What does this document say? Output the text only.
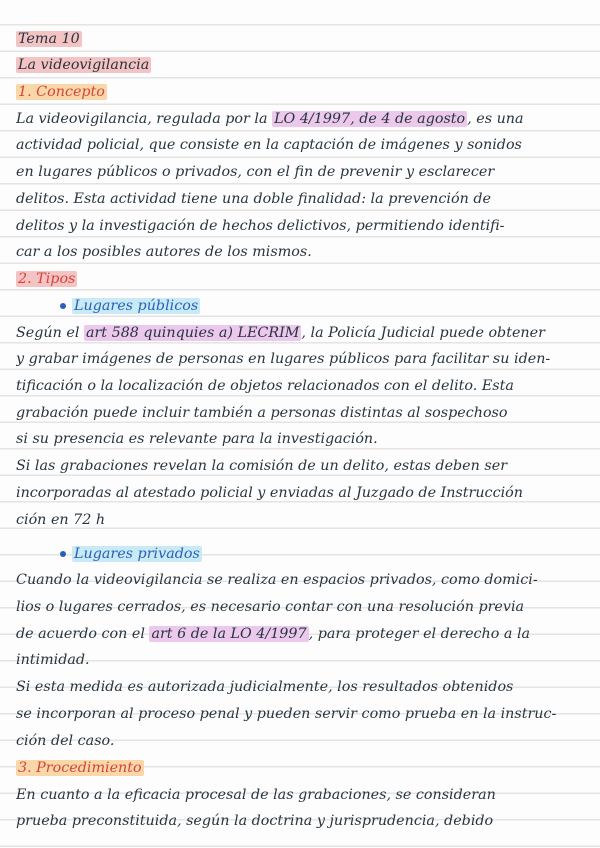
Tema 10
La videovigilancia
1. Concepto
La videovigilancia, regulada por la LO 4/1997, de 4 de agosto , es una
actividad policial, que consiste en la captación de imágenes y sonidos
en lugares públicos o privados, con el fin de prevenir y esclarecer
delitos. Esta actividad tiene una doble finalidad: la prevención de
delitos y la investigación de hechos delictivos, permitiendo identifi-
car a los posibles autores de los mismos.
2. Tipos
Lugares públicos
Según el art 588 quinquies a) LECRIM , la Policía Judicial puede obtener
y grabar imágenes de personas en lugares públicos para facilitar su iden-
tificación o la localización de objetos relacionados con el delito. Esta
grabación puede incluir también a personas distintas al sospechoso
si su presencia es relevante para la investigación.
Si las grabaciones revelan la comisión de un delito, estas deben ser
incorporadas al atestado policial y enviadas al Juzgado de Instrucción
ción en 72 h
Lugares privados
Cuando la videovigilancia se realiza en espacios privados, como domici-
lios o lugares cerrados, es necesario contar con una resolución previa
de acuerdo con el art 6 de la LO 4/1997 , para proteger el derecho a la
intimidad.
Si esta medida es autorizada judicialmente, los resultados obtenidos
se incorporan al proceso penal y pueden servir como prueba en la instruc-
ción del caso.
3. Procedimiento
En cuanto a la eficacia procesal de las grabaciones, se consideran
prueba preconstituida, según la doctrina y jurisprudencia, debido
